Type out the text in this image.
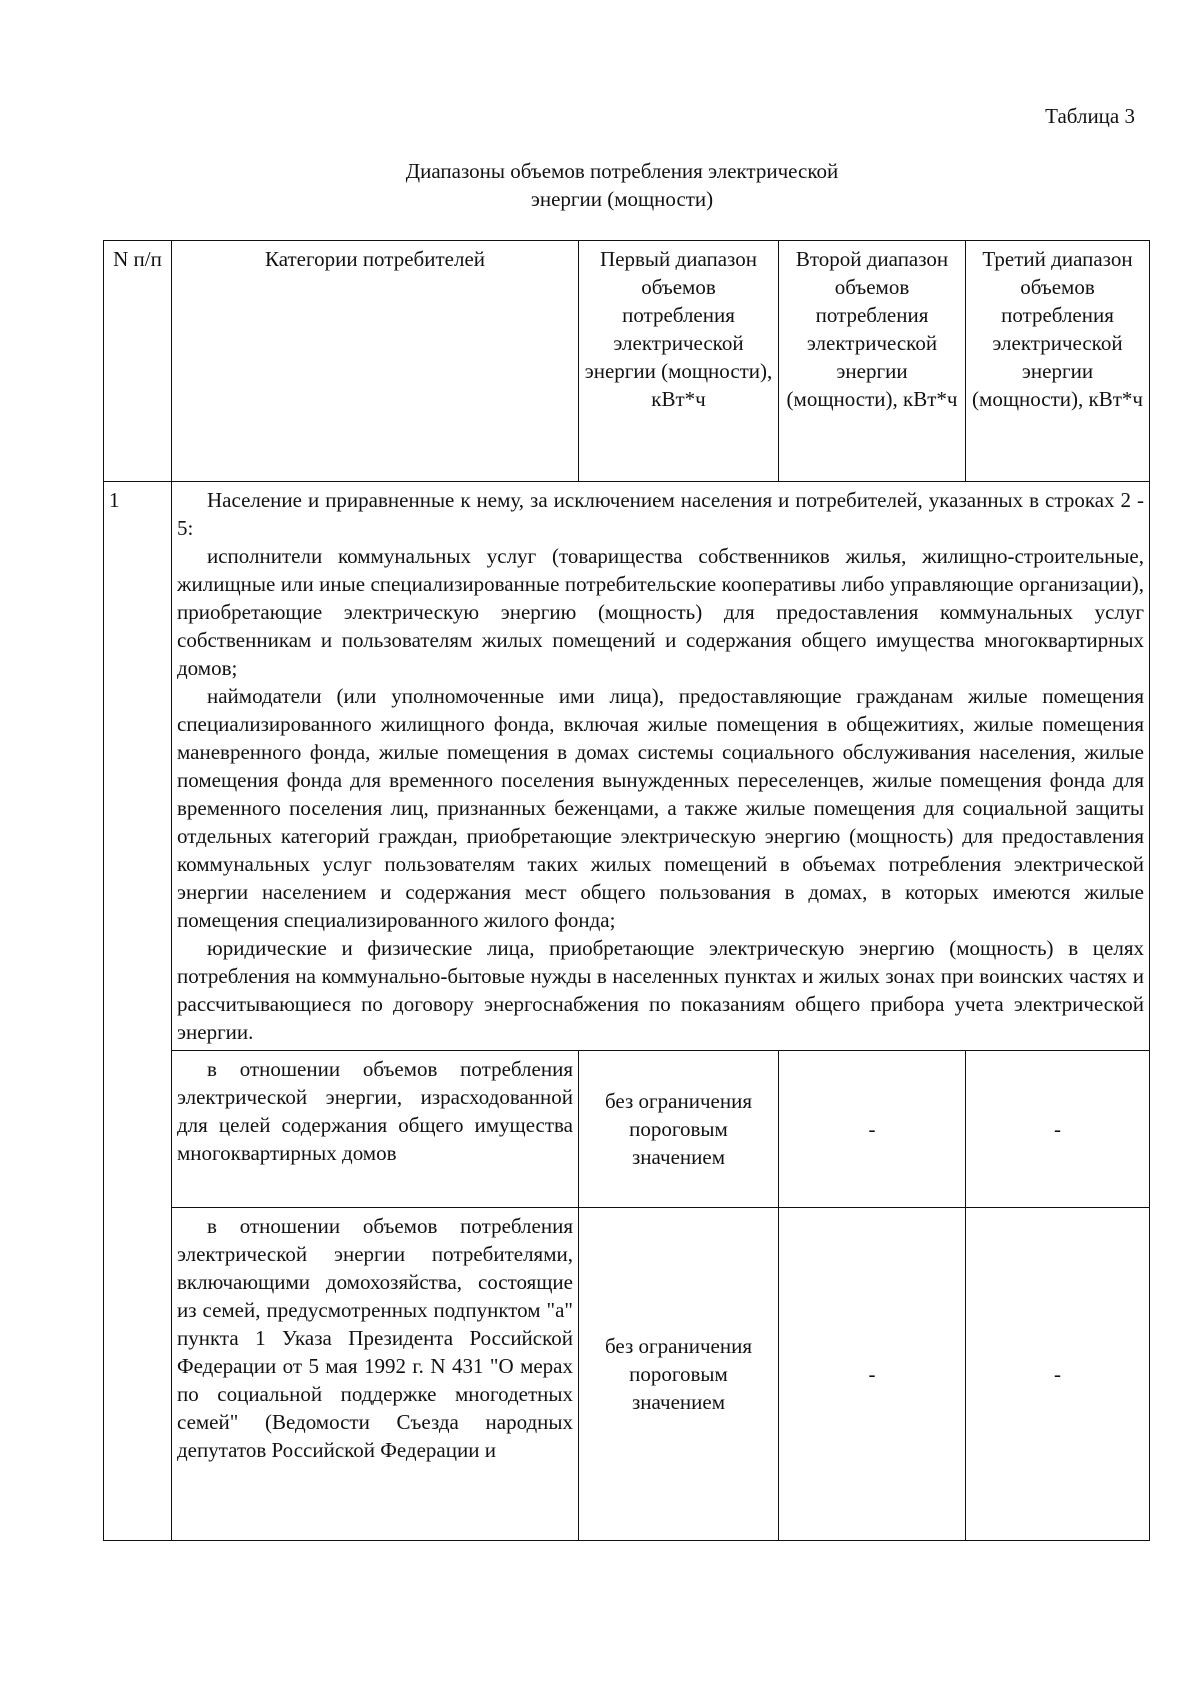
Таблица 3
Диапазоны объемов потребления электрической
энергии (мощности)
N п/п	Категории потребителей	Первый диапазон объемов потребления электрической энергии (мощности), кВт*ч	Второй диапазон объемов потребления электрической энергии (мощности), кВт*ч	Третий диапазон объемов потребления электрической энергии (мощности), кВт*ч
1	Население и приравненные к нему, за исключением населения и потребителей, указанных в строках 2 - 5:

исполнители коммунальных услуг (товарищества собственников жилья, жилищно-строительные, жилищные или иные специализированные потребительские кооперативы либо управляющие организации), приобретающие электрическую энергию (мощность) для предоставления коммунальных услуг собственникам и пользователям жилых помещений и содержания общего имущества многоквартирных домов;

наймодатели (или уполномоченные ими лица), предоставляющие гражданам жилые помещения специализированного жилищного фонда, включая жилые помещения в общежитиях, жилые помещения маневренного фонда, жилые помещения в домах системы социального обслуживания населения, жилые помещения фонда для временного поселения вынужденных переселенцев, жилые помещения фонда для временного поселения лиц, признанных беженцами, а также жилые помещения для социальной защиты отдельных категорий граждан, приобретающие электрическую энергию (мощность) для предоставления коммунальных услуг пользователям таких жилых помещений в объемах потребления электрической энергии населением и содержания мест общего пользования в домах, в которых имеются жилые помещения специализированного жилого фонда;

юридические и физические лица, приобретающие электрическую энергию (мощность) в целях потребления на коммунально-бытовые нужды в населенных пунктах и жилых зонах при воинских частях и рассчитывающиеся по договору энергоснабжения по показаниям общего прибора учета электрической энергии.			

	в отношении объемов потребления электрической энергии, израсходованной для целей содержания общего имущества многоквартирных домов	без ограничения пороговым значением	-	-

	в отношении объемов потребления электрической энергии потребителями, включающими домохозяйства, состоящие из семей, предусмотренных подпунктом "а" пункта 1 Указа Президента Российской Федерации от 5 мая 1992 г. N 431 "О мерах по социальной поддержке многодетных семей" (Ведомости Съезда народных депутатов Российской Федерации и	без ограничения пороговым значением	-	-
